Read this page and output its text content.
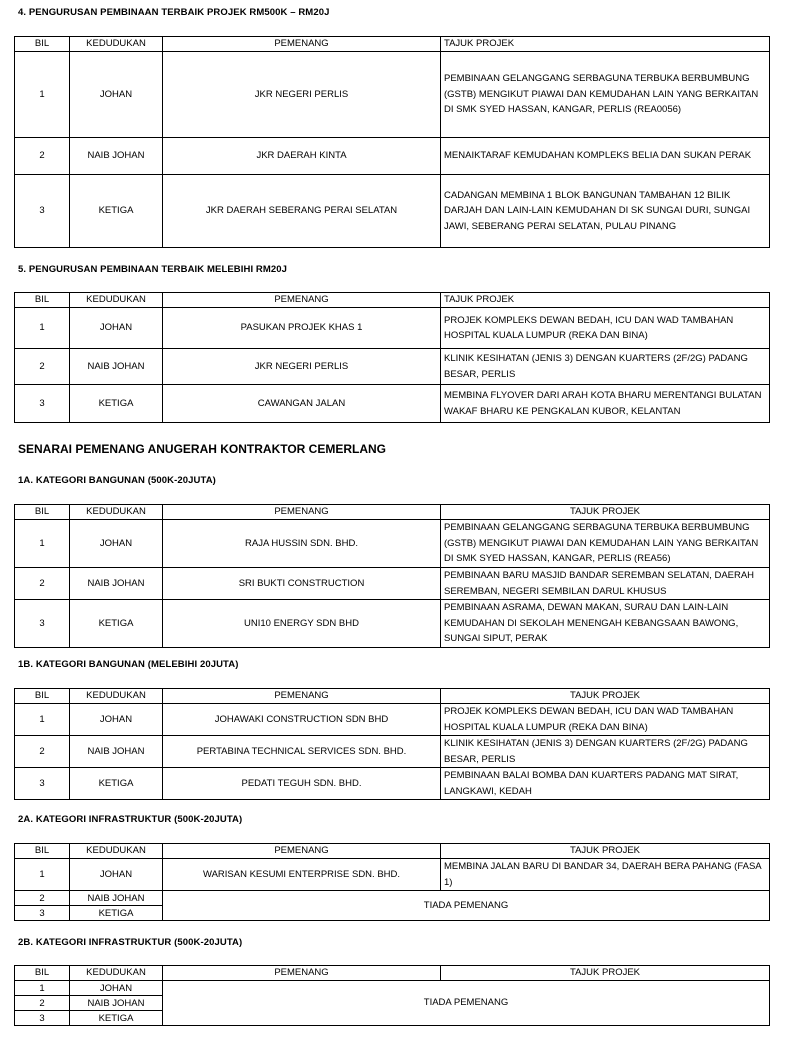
4. PENGURUSAN PEMBINAAN TERBAIK PROJEK RM500K – RM20J

BIL	KEDUDUKAN	PEMENANG	TAJUK PROJEK
1	JOHAN	JKR NEGERI PERLIS	PEMBINAAN GELANGGANG SERBAGUNA TERBUKA BERBUMBUNG (GSTB) MENGIKUT PIAWAI DAN KEMUDAHAN LAIN YANG BERKAITAN DI SMK SYED HASSAN, KANGAR, PERLIS (REA0056)
2	NAIB JOHAN	JKR DAERAH KINTA	MENAIKTARAF KEMUDAHAN KOMPLEKS BELIA DAN SUKAN PERAK
3	KETIGA	JKR DAERAH SEBERANG PERAI SELATAN	CADANGAN MEMBINA 1 BLOK BANGUNAN TAMBAHAN 12 BILIK DARJAH DAN LAIN-LAIN KEMUDAHAN DI SK SUNGAI DURI, SUNGAI JAWI, SEBERANG PERAI SELATAN, PULAU PINANG

5. PENGURUSAN PEMBINAAN TERBAIK MELEBIHI RM20J

BIL	KEDUDUKAN	PEMENANG	TAJUK PROJEK
1	JOHAN	PASUKAN PROJEK KHAS 1	PROJEK KOMPLEKS DEWAN BEDAH, ICU DAN WAD TAMBAHAN HOSPITAL KUALA LUMPUR (REKA DAN BINA)
2	NAIB JOHAN	JKR NEGERI PERLIS	KLINIK KESIHATAN (JENIS 3) DENGAN KUARTERS (2F/2G) PADANG BESAR, PERLIS
3	KETIGA	CAWANGAN JALAN	MEMBINA FLYOVER DARI ARAH KOTA BHARU MERENTANGI BULATAN WAKAF BHARU KE PENGKALAN KUBOR, KELANTAN

SENARAI PEMENANG ANUGERAH KONTRAKTOR CEMERLANG

1A. KATEGORI BANGUNAN (500K-20JUTA)

BIL	KEDUDUKAN	PEMENANG	TAJUK PROJEK
1	JOHAN	RAJA HUSSIN SDN. BHD.	PEMBINAAN GELANGGANG SERBAGUNA TERBUKA BERBUMBUNG (GSTB) MENGIKUT PIAWAI DAN KEMUDAHAN LAIN YANG BERKAITAN DI SMK SYED HASSAN, KANGAR, PERLIS (REA56)
2	NAIB JOHAN	SRI BUKTI CONSTRUCTION	PEMBINAAN BARU MASJID BANDAR SEREMBAN SELATAN, DAERAH SEREMBAN, NEGERI SEMBILAN DARUL KHUSUS
3	KETIGA	UNI10 ENERGY SDN BHD	PEMBINAAN ASRAMA, DEWAN MAKAN, SURAU DAN LAIN-LAIN KEMUDAHAN DI SEKOLAH MENENGAH KEBANGSAAN BAWONG, SUNGAI SIPUT, PERAK

1B. KATEGORI BANGUNAN (MELEBIHI 20JUTA)

BIL	KEDUDUKAN	PEMENANG	TAJUK PROJEK
1	JOHAN	JOHAWAKI CONSTRUCTION SDN BHD	PROJEK KOMPLEKS DEWAN BEDAH, ICU DAN WAD TAMBAHAN HOSPITAL KUALA LUMPUR (REKA DAN BINA)
2	NAIB JOHAN	PERTABINA TECHNICAL SERVICES SDN. BHD.	KLINIK KESIHATAN (JENIS 3) DENGAN KUARTERS (2F/2G) PADANG BESAR, PERLIS
3	KETIGA	PEDATI TEGUH SDN. BHD.	PEMBINAAN BALAI BOMBA DAN KUARTERS PADANG MAT SIRAT, LANGKAWI, KEDAH

2A. KATEGORI INFRASTRUKTUR (500K-20JUTA)

BIL	KEDUDUKAN	PEMENANG	TAJUK PROJEK
1	JOHAN	WARISAN KESUMI ENTERPRISE SDN. BHD.	MEMBINA JALAN BARU DI BANDAR 34, DAERAH BERA PAHANG (FASA 1)
2	NAIB JOHAN	TIADA PEMENANG	
3	KETIGA		

2B. KATEGORI INFRASTRUKTUR (500K-20JUTA)

BIL	KEDUDUKAN	PEMENANG	TAJUK PROJEK
1	JOHAN	TIADA PEMENANG	
2	NAIB JOHAN		
3	KETIGA		
